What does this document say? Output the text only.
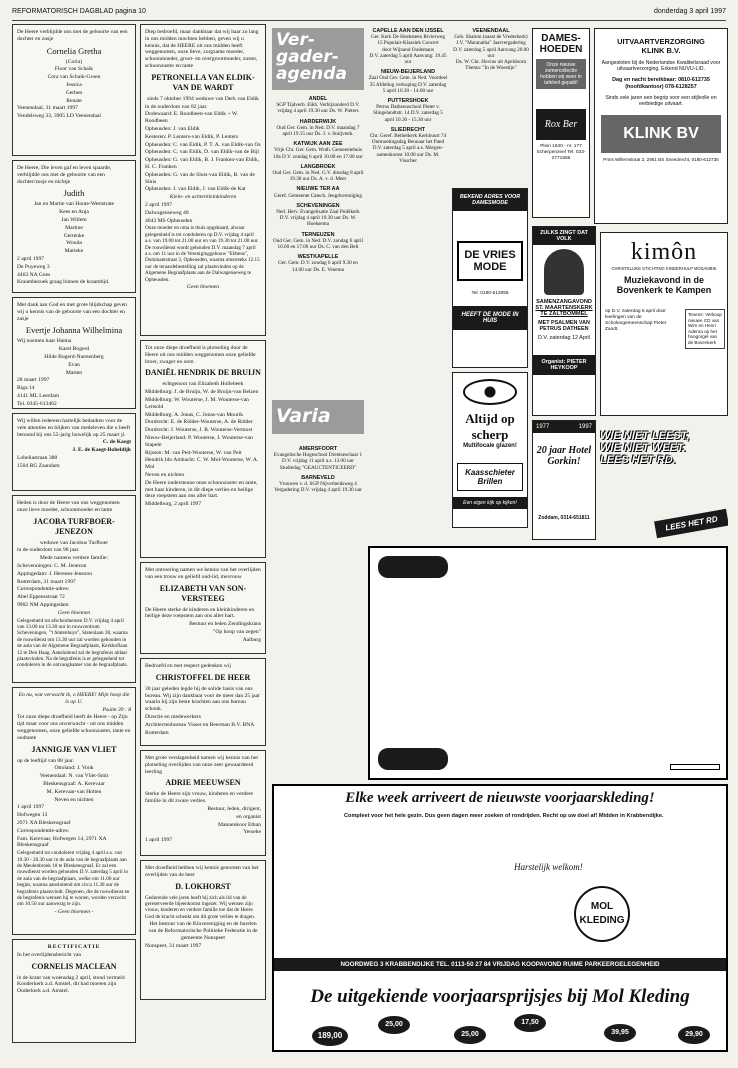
REFORMATORISCH DAGBLAD pagina 10	donderdag 3 april 1997

De Heere verblijdde ons met de geboorte van een dochter en zusje

Cornelia Gretha

(Corla)

Floor van Schaik

Cora van Schaik-Groen

Jessica

Gerben

Renate

Veenendaal, 31 maart 1997

Vendelsweg 33, 3905 LD Veenendaal

De Heere, Die leven gaf en leven spaarde, verblijdde ons met de geboorte van een dochter/zusje en nichtje

Judith

Jan en Martie van Houte-Weststrate

Kees en Anja

Jan Willem

Martine

Gertenke

Wouda

Marieke

2 april 1997

De Puyeweg 3

4463 NA Goes

Kraambezoek graag binnen de kraamtijd.

Met dank aan God en met grote blijdschap geven wij u kennis van de geboorte van een dochter en zusje

Evertje Johanna Wilhelmina

Wij noemen haar Hanna

Karel Bogerd

Hilde Bogerd-Nuenenberg

Evan

Marten

28 maart 1997

Riga 14

4141 ML Leerdam

Tel. 0345-613462

Wij willen iedereen hartelijk bedanken voor de vele attenties en blijken van medeleven die u heeft betoond bij ons 55-jarig huwelijk op 25 maart jl.

C. de Kaegt

J. E. de Kaegt-Boheldijk

Lobeliastraan 388

1504 RG Zaandam

Heden is door de Heere van ons weggenomen onze lieve moeder, schoonmoeder en tante

JACOBA TURFBOER-JENEZON

weduwe van Jacobus Turfboer

in de ouderdom van 90 jaar.

Mede namens verdere familie:

Schevenningen: C. M. Jenezon

Appingedam: J. Herenes-Jenezon

Rotterdam, 31 maart 1997

Correspondentie-adres:

Abel Eppensstraat 72

9902 NM Appingedam

Geen bloemen

Gelegenheid tot afscheidnemen D.V. vrijdag 4 april van 13.00 tot 13.30 uur in rouwcentrum Scheveningen, "'t Statenhuys", Statenlaan 38, waarna de rouwdienst om 13.30 uur zal worden gehouden in de aula van de Algemene Begraafplaats, Kerkhoflaan 12 te Den Haag. Aansluitend zal de begrafenis aldaar plaatsvinden. Na de begrafenis is er gelegenheid tot condoleren in de ontvangkamer van de begraafplaats.

En nu, wat verwacht ik, o HEERE! Mijn hoop die is op U.

Psalm 39 : 8

Tot onze diepe droefheid heeft de Heere - op Zijn tijd maar voor ons onverwacht - uit ons midden weggenomen, onze geliefde schoonzuster, tante en oudtante

JANNIGJE VAN VLIET

op de leeftijd van 88 jaar.

Ottoland: J. Vonk

Veenendaal: N. van Vliet-Smit

Bleskensgraaf: A. Kerevaar

M. Kerevaar-van Holten

Neven en nichten

1 april 1997

Hofwegen 13

2971 XA Bleskensgraaf

Correspondentie-adres:

Fam. Kerevaar, Hofwegen 14, 2971 XA Bleskensgraaf

Gelegenheid tot condoleren vrijdag 4 april a.s. van 19.30 - 20.30 uur in de aula van de begraafplaats aan de Meulenbroek 18 te Bleskensgraaf. Er zal een rouwdienst worden gehouden D.V. zaterdag 5 april in de aula van de begraafplaats, welke om 11.00 uur begint, waarna aansluitend om circa 11.30 uur de begrafenis plaatsvindt. Degenen, die de rouwdienst en de begrafenis wensen bij te wonen, worden verzocht om 10.50 uur aanwezig te zijn.

- Geen bloemen -

RECTIFICATIE

In het overlijdensbericht van

CORNELIS MACLEAN

in de krant van woensdag 2 april, stond vermeld Kouderkerk a.d. Amstel, dit had moeten zijn Ouderkerk a.d. Amstel.

Diep bedroefd, maar dankbaar dat wij haar zo lang in ons midden mochten hebben, geven wij u kennis, dat de HEERE uit ons midden heeft weggenomen, onze lieve, zorgzame moeder, schoonmoeder, groot- en overgrootmoeder, zuster, schoonzuster en tante

PETRONELLA VAN ELDIK-VAN DE WARDT

sinds 7 oktober 1994 weduwe van Derk van Eldik

in de ouderdom van 82 jaar.

Dodewaard: E. Roodbeen-van Eldik + W. Roodbeen

Opheusden: J. van Eldik

Kesteren: P. Lenters-van Eldik, P. Lenters

Opheusden: C. van Eldik, P. T. A. van Eldik-van Os

Opheusden: C. van Eldik, D. van Eldik-van de Bijl

Opheusden: G. van Eldik, B. J. Franken-van Eldik, H. C. Franken

Opheusden: G. van de Sluis-van Eldik, B. van de Sluis

Opheusden: J. van Eldik, J. van Eldik-de Kat

Klein- en achterkleinkinderen

2 april 1997

Dalwagenseweg 48

4043 MS Opheusden

Onze moeder en oma is thuis opgebaard, alwaar gelegenheid is tot condoleren op D.V. vrijdag 4 april a.s. van 19.00 tot 21.00 uur en van 19.30 tot 21.00 uur. De rouwdienst wordt gehouden D.V. maandag 7 april a.s. om 11 uur in de Vereniginggebouw "Ebbens", Dominantstraat 3, Opheusden, waarna omstreeks 12.15 uur de teraardebestelling zal plaatsvinden op de Algemene Begraafplaats aan de Dalwagenseweg te Opheusden.

Geen bloemen

Tot onze diepe droefheid is plotseling door de Heere uit ons midden weggenomen onze geliefde broer, zwager en oom

DANIËL HENDRIK DE BRUIJN

echtgenoot van Elizabeth Hollebeek

Middelburg: J. de Bruijn, W. de Bruijn-van Belzen

Middelburg: W. Wouterse, J. M. Wouterse-van Leitsold

Middelburg: A. Jonas, C. Jonas-van Mourik

Dordrecht: E. de Ridder-Wouterse, A. de Ridder

Dordrecht: J. Wouterse, J. R. Wouterse-Vermost

Nieuw-Beijerland: P. Wouterse, J. Wouterse-van Stapele

Rijssen: M. van Peit-Wouterse, W. van Peit

Hendrik Ido Ambacht: C. W. Mol-Wouterse, W. A. Mol

Neven en nichten

De Heere ondersteune onze schoonzuster en tante, met haar kinderen, in dit diepe verlies en heilige deze roepstem aan ons aller hart.

Middelburg, 2 april 1997

Met ontroering namen we kennis van het overlijden van een trouw en geliefd oud-lid, mevrouw

ELIZABETH VAN SON-VERSTEEG

De Heere sterke de kinderen en kleinkinderen en heilige deze roepstem aan ons aller hart.

Bestuur en leden Zendingskrans

"Op hoop van zegen"

Aalburg

Bedroefd en met respect gedenken wij

CHRISTOFFEL DE HEER

30 jaar geleden legde hij de solide basis van ons bureau. Wij zijn dankbaar voor de meer dan 25 jaar waarin hij zijn beste krachten aan ons bureau schonk.

Directie en medewerkers

Architectenbureau Visser en Beerman B.V. BNA

Rotterdam

Met grote verslagenheid namen wij kennis van het plotseling overlijden van onze zeer gewaardeerd leerling

ADRIE MEEUWSEN

Sterke de Heere zijn vrouw, kinderen en verdere familie in dit zware verlies.

Bestuur, leden, dirigent,

en organist

Mannenkoor Ethan

Yerseke

1 april 1997

Met droefheid hebben wij kennis genomen van het overlijden van de heer

D. LOKHORST

Gedurende vele jaren heeft hij zich als lid van de gereserveerde bijeenkomst ingezet. Wij wensen zijn vrouw, kinderen en verdere familie toe dat de Heere God de kracht schenkt om dit grote verlies te dragen.

Het bestuur van de Kinvereniging en de burelen van de Reformatorische Politieke Federatie in de gemeente Nunspeet

Nunspeet, 31 maart 1997

Ver- gader- agenda

ANDEL
SGP Tijdverb. Eikh. Verbijzonderd D.V. vrijdag 4 april 19.30 uur Ds. W. Pieters

HARDERWIJK
Oud Ger. Gem. in Ned. D.V. maandag 7 april 19.15 uur Ds. J. v. Stuijvenb.

KATWIJK AAN ZEE
Vrije Chr. Ger. Gem. Wuth. Gemeentehuis 10a D.V. zondag 6 april 10.00 en 17.00 uur

LANGBROEK
Oud Ger. Gem. in Ned. G.V. dinsdag 8 april 19.30 uur Ds. A. v. d. Meer

NIEUWE TER AA
Geref. Gemeente Catech. Jeugdvereniging

SCHEVENINGEN
Ned. Herv. Evangelisatie Zaal Pniëlkerk D.V. vrijdag 4 april 19.30 uur Ds. W. Hoeksema

TERNEUZEN
Oud Ger. Gem. in Ned. D.V. zondag 6 april 10.00 en 17.00 uur Ds. C. van den Belt

WESTKAPELLE
Ger. Gem. D.V. zondag 6 april 9.30 en 14.00 uur Ds. E. Venema

Varia

AMERSFOORT
Evangelische Hogeschool Drentseschaar 1 D.V. vrijdag 11 april a.s. 13.00 uur Studiedag "GEAUCTENTICEERD"

BARNEVELD
Vrouwen v. d. SGP Nijverheidsweg 4 Vergadering D.V. vrijdag 4 april 19.30 uur

CAPELLE AAN DEN IJSSEL
Ger. Kerk De Hoeksteen Rivierweg 15 Populair-Klassiek Concert
door Wijnand Oudemans
D.V. zaterdag 5 april Aanvang: 19.45 uur

NIEUW-BEIJERLAND
Zaal Oud Ger. Gem. in Ned. Voordeel 35 Afdeling verkoping D.V. zaterdag 5 april 10.30 - 14.00 uur

PUTTERSHOEK
Petrus Dathenuschool Pieter v. Slingelandtstr. 14 D.V. zaterdag 5 april 10.30 - 15.30 uur

SLIEDRECHT
Chr. Geref. Bethelkerk Kerkbuurt 74 Ontmoetingsdag Bennaar het Pand D.V. zaterdag 5 april a.s. Morgen-samenkomst 10.00 uur Ds. M. Visscher

VEENENDAAL
Geb. Shalom (naast de Vrederkerk) J.V. "Maranatha" Jaarvergadering D.V. zaterdag 5 april Aanvang 20.00 uur
Ds. W. Chr. Hovius uit Apeldoorn
Thema: "In de Woestijn"

DAMES-
HOEDEN
Onze nieuwe zomercollectie hebben wij weer in tafelvol gepakt!
Rox Ber
Plein 1940 - nr. 177 Scherpenzeel Tel. 033-2771556
UITVAARTVERZORGING
KLINK B.V.
Aangesloten bij de Nederlandse Kwaliteitsraad voor uitvaartverzorging. Erkend NUVU-LID.
Dag en nacht bereikbaar: 0810-612735 (hoofdkantoor) 078-6128257
Sinds vele jaren een begrip voor een stijlvolle en eerbiedige uitvaart.
KLINK BV
Prins Willemstraat 2, 2951 BS Sneedrecht, 0180-612735
BEKEND ADRES VOOR DAMESMODE
DE VRIES MODE
Tel. 0180-512855
HEEFT DE MODE IN HUIS
ZULKS ZINGT DAT VOLK
SAMENZANGAVOND
ST. MAARTENSKERK TE ZALTBOMMEL
MET PSALMEN VAN PETRUS DATHEEN
D.V. zaterdag 12 April
Organist: PIETER HEYKOOP
kimôn
CHRISTELIJKE STICHTING KINDERHULP MOSAMBIK
Muziekavond in de
Bovenkerk te Kampen
op D.V. zaterdag 5 april door leerlingen van de Scholengemeenschap Pieter Zandt.
Tevens: Verkoop nieuwe CD van Wim en Henri Aderna op het hoogorgel van de Bovenkerk
Altijd op
scherp
Multifocale glazen!
Kaasschieter Brillen
Een eigen kijk op kijken!
1977	1997
20 jaar Hotel Gorkin!
Zoddam, 0314-651811
WIE NIET LEEST,
WIE NIET WEET.
LEES HET RD.
LEES HET RD
Elke week arriveert de nieuwste voorjaarskleding!
Compleet voor het hele gezin. Dus geen dagen meer zoeken of rondrijden. Recht op uw doel af! Midden in Krabbendijke.
Harstelijk welkom!
MOL KLEDING
NOORDWEG 3 KRABBENDIJKE TEL. 0113-50 27 84 VRIJDAG KOOPAVOND RUIME PARKEERGELEGENHEID
De uitgekiende voorjaarsprijsjes bij Mol Kleding
25,00	17,50
29,90
189,00	25,00	39,95
